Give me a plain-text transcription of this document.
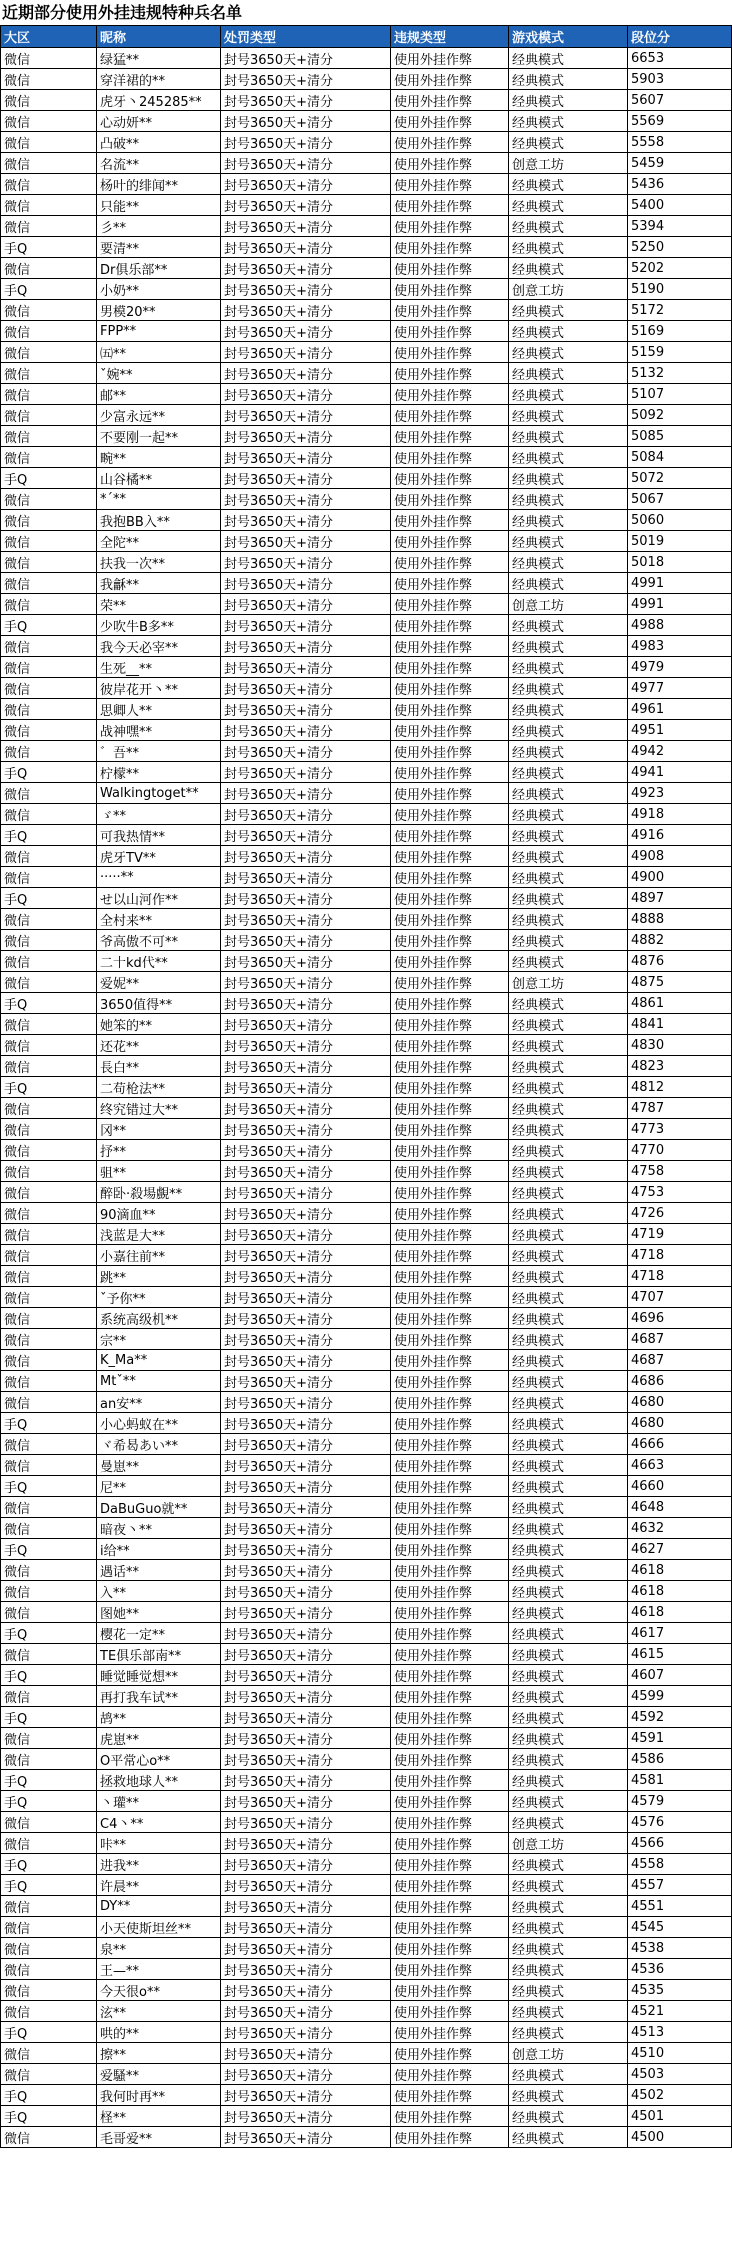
近期部分使用外挂违规特种兵名单
大区	昵称	处罚类型	违规类型	游戏模式	段位分
微信	绿猛**	封号3650天+清分	使用外挂作弊	经典模式	6653
微信	穿洋裙的**	封号3650天+清分	使用外挂作弊	经典模式	5903
微信	虎牙丶245285**	封号3650天+清分	使用外挂作弊	经典模式	5607
微信	心动妍**	封号3650天+清分	使用外挂作弊	经典模式	5569
微信	凸破**	封号3650天+清分	使用外挂作弊	经典模式	5558
微信	名流**	封号3650天+清分	使用外挂作弊	创意工坊	5459
微信	杨叶的绯闻**	封号3650天+清分	使用外挂作弊	经典模式	5436
微信	只能**	封号3650天+清分	使用外挂作弊	经典模式	5400
微信	彡**	封号3650天+清分	使用外挂作弊	经典模式	5394
手Q	要清**	封号3650天+清分	使用外挂作弊	经典模式	5250
微信	Dr俱乐部**	封号3650天+清分	使用外挂作弊	经典模式	5202
手Q	小奶**	封号3650天+清分	使用外挂作弊	创意工坊	5190
微信	男模20**	封号3650天+清分	使用外挂作弊	经典模式	5172
微信	FPP**	封号3650天+清分	使用外挂作弊	经典模式	5169
微信	㈤**	封号3650天+清分	使用外挂作弊	经典模式	5159
微信	ˇ婉**	封号3650天+清分	使用外挂作弊	经典模式	5132
微信	邮**	封号3650天+清分	使用外挂作弊	经典模式	5107
微信	少富永远**	封号3650天+清分	使用外挂作弊	经典模式	5092
微信	不要刚一起**	封号3650天+清分	使用外挂作弊	经典模式	5085
微信	畹**	封号3650天+清分	使用外挂作弊	经典模式	5084
手Q	山谷橘**	封号3650天+清分	使用外挂作弊	经典模式	5072
微信	*ˊ**	封号3650天+清分	使用外挂作弊	经典模式	5067
微信	我抱BB入**	封号3650天+清分	使用外挂作弊	经典模式	5060
微信	全陀**	封号3650天+清分	使用外挂作弊	经典模式	5019
微信	扶我一次**	封号3650天+清分	使用外挂作弊	经典模式	5018
微信	我龢**	封号3650天+清分	使用外挂作弊	经典模式	4991
微信	荣**	封号3650天+清分	使用外挂作弊	创意工坊	4991
手Q	少吹牛B多**	封号3650天+清分	使用外挂作弊	经典模式	4988
微信	我今天必宰**	封号3650天+清分	使用外挂作弊	经典模式	4983
微信	生死__**	封号3650天+清分	使用外挂作弊	经典模式	4979
微信	彼岸花开丶**	封号3650天+清分	使用外挂作弊	经典模式	4977
微信	思卿人**	封号3650天+清分	使用外挂作弊	经典模式	4961
微信	战神嘿**	封号3650天+清分	使用外挂作弊	经典模式	4951
微信	゛吾**	封号3650天+清分	使用外挂作弊	经典模式	4942
手Q	柠檬**	封号3650天+清分	使用外挂作弊	经典模式	4941
微信	Walkingtoget**	封号3650天+清分	使用外挂作弊	经典模式	4923
微信	ゞ**	封号3650天+清分	使用外挂作弊	经典模式	4918
手Q	可我热情**	封号3650天+清分	使用外挂作弊	经典模式	4916
微信	虎牙TV**	封号3650天+清分	使用外挂作弊	经典模式	4908
微信	·····**	封号3650天+清分	使用外挂作弊	经典模式	4900
手Q	せ以山河作**	封号3650天+清分	使用外挂作弊	经典模式	4897
微信	全村来**	封号3650天+清分	使用外挂作弊	经典模式	4888
微信	爷高傲不可**	封号3650天+清分	使用外挂作弊	经典模式	4882
微信	二十kd代**	封号3650天+清分	使用外挂作弊	经典模式	4876
微信	爱妮**	封号3650天+清分	使用外挂作弊	创意工坊	4875
手Q	3650值得**	封号3650天+清分	使用外挂作弊	经典模式	4861
微信	她笨的**	封号3650天+清分	使用外挂作弊	经典模式	4841
微信	还花**	封号3650天+清分	使用外挂作弊	经典模式	4830
微信	長白**	封号3650天+清分	使用外挂作弊	经典模式	4823
手Q	二苟枪法**	封号3650天+清分	使用外挂作弊	经典模式	4812
微信	终究错过大**	封号3650天+清分	使用外挂作弊	经典模式	4787
微信	冈**	封号3650天+清分	使用外挂作弊	经典模式	4773
微信	抒**	封号3650天+清分	使用外挂作弊	经典模式	4770
微信	驵**	封号3650天+清分	使用外挂作弊	经典模式	4758
微信	醉卧·殺場覻**	封号3650天+清分	使用外挂作弊	经典模式	4753
微信	90滴血**	封号3650天+清分	使用外挂作弊	经典模式	4726
微信	浅蓝是大**	封号3650天+清分	使用外挂作弊	经典模式	4719
微信	小嘉往前**	封号3650天+清分	使用外挂作弊	经典模式	4718
微信	跳**	封号3650天+清分	使用外挂作弊	经典模式	4718
微信	ˇ予你**	封号3650天+清分	使用外挂作弊	经典模式	4707
微信	系统高级机**	封号3650天+清分	使用外挂作弊	经典模式	4696
微信	宗**	封号3650天+清分	使用外挂作弊	经典模式	4687
微信	K_Ma**	封号3650天+清分	使用外挂作弊	经典模式	4687
微信	Mtˇ**	封号3650天+清分	使用外挂作弊	经典模式	4686
微信	an安**	封号3650天+清分	使用外挂作弊	经典模式	4680
手Q	小心蚂蚁在**	封号3650天+清分	使用外挂作弊	经典模式	4680
微信	ヾ希曷あい**	封号3650天+清分	使用外挂作弊	经典模式	4666
微信	曼崽**	封号3650天+清分	使用外挂作弊	经典模式	4663
手Q	尼**	封号3650天+清分	使用外挂作弊	经典模式	4660
微信	DaBuGuo就**	封号3650天+清分	使用外挂作弊	经典模式	4648
微信	暗夜丶**	封号3650天+清分	使用外挂作弊	经典模式	4632
手Q	i给**	封号3650天+清分	使用外挂作弊	经典模式	4627
微信	遇话**	封号3650天+清分	使用外挂作弊	经典模式	4618
微信	入**	封号3650天+清分	使用外挂作弊	经典模式	4618
微信	图她**	封号3650天+清分	使用外挂作弊	经典模式	4618
手Q	樱花一定**	封号3650天+清分	使用外挂作弊	经典模式	4617
微信	TE俱乐部南**	封号3650天+清分	使用外挂作弊	经典模式	4615
手Q	睡觉睡觉想**	封号3650天+清分	使用外挂作弊	经典模式	4607
微信	再打我车试**	封号3650天+清分	使用外挂作弊	经典模式	4599
手Q	鸪**	封号3650天+清分	使用外挂作弊	经典模式	4592
微信	虎崽**	封号3650天+清分	使用外挂作弊	经典模式	4591
微信	O平常心o**	封号3650天+清分	使用外挂作弊	经典模式	4586
手Q	拯救地球人**	封号3650天+清分	使用外挂作弊	经典模式	4581
手Q	丶瓘**	封号3650天+清分	使用外挂作弊	经典模式	4579
微信	C4丶**	封号3650天+清分	使用外挂作弊	经典模式	4576
微信	咔**	封号3650天+清分	使用外挂作弊	创意工坊	4566
手Q	进我**	封号3650天+清分	使用外挂作弊	经典模式	4558
手Q	许晨**	封号3650天+清分	使用外挂作弊	经典模式	4557
微信	DY**	封号3650天+清分	使用外挂作弊	经典模式	4551
微信	小天使斯坦丝**	封号3650天+清分	使用外挂作弊	经典模式	4545
微信	泉**	封号3650天+清分	使用外挂作弊	经典模式	4538
微信	王—**	封号3650天+清分	使用外挂作弊	经典模式	4536
微信	今天很o**	封号3650天+清分	使用外挂作弊	经典模式	4535
微信	泫**	封号3650天+清分	使用外挂作弊	经典模式	4521
手Q	哄的**	封号3650天+清分	使用外挂作弊	经典模式	4513
微信	擦**	封号3650天+清分	使用外挂作弊	创意工坊	4510
微信	爱騷**	封号3650天+清分	使用外挂作弊	经典模式	4503
手Q	我何时再**	封号3650天+清分	使用外挂作弊	经典模式	4502
手Q	柽**	封号3650天+清分	使用外挂作弊	经典模式	4501
微信	毛哥爱**	封号3650天+清分	使用外挂作弊	经典模式	4500
